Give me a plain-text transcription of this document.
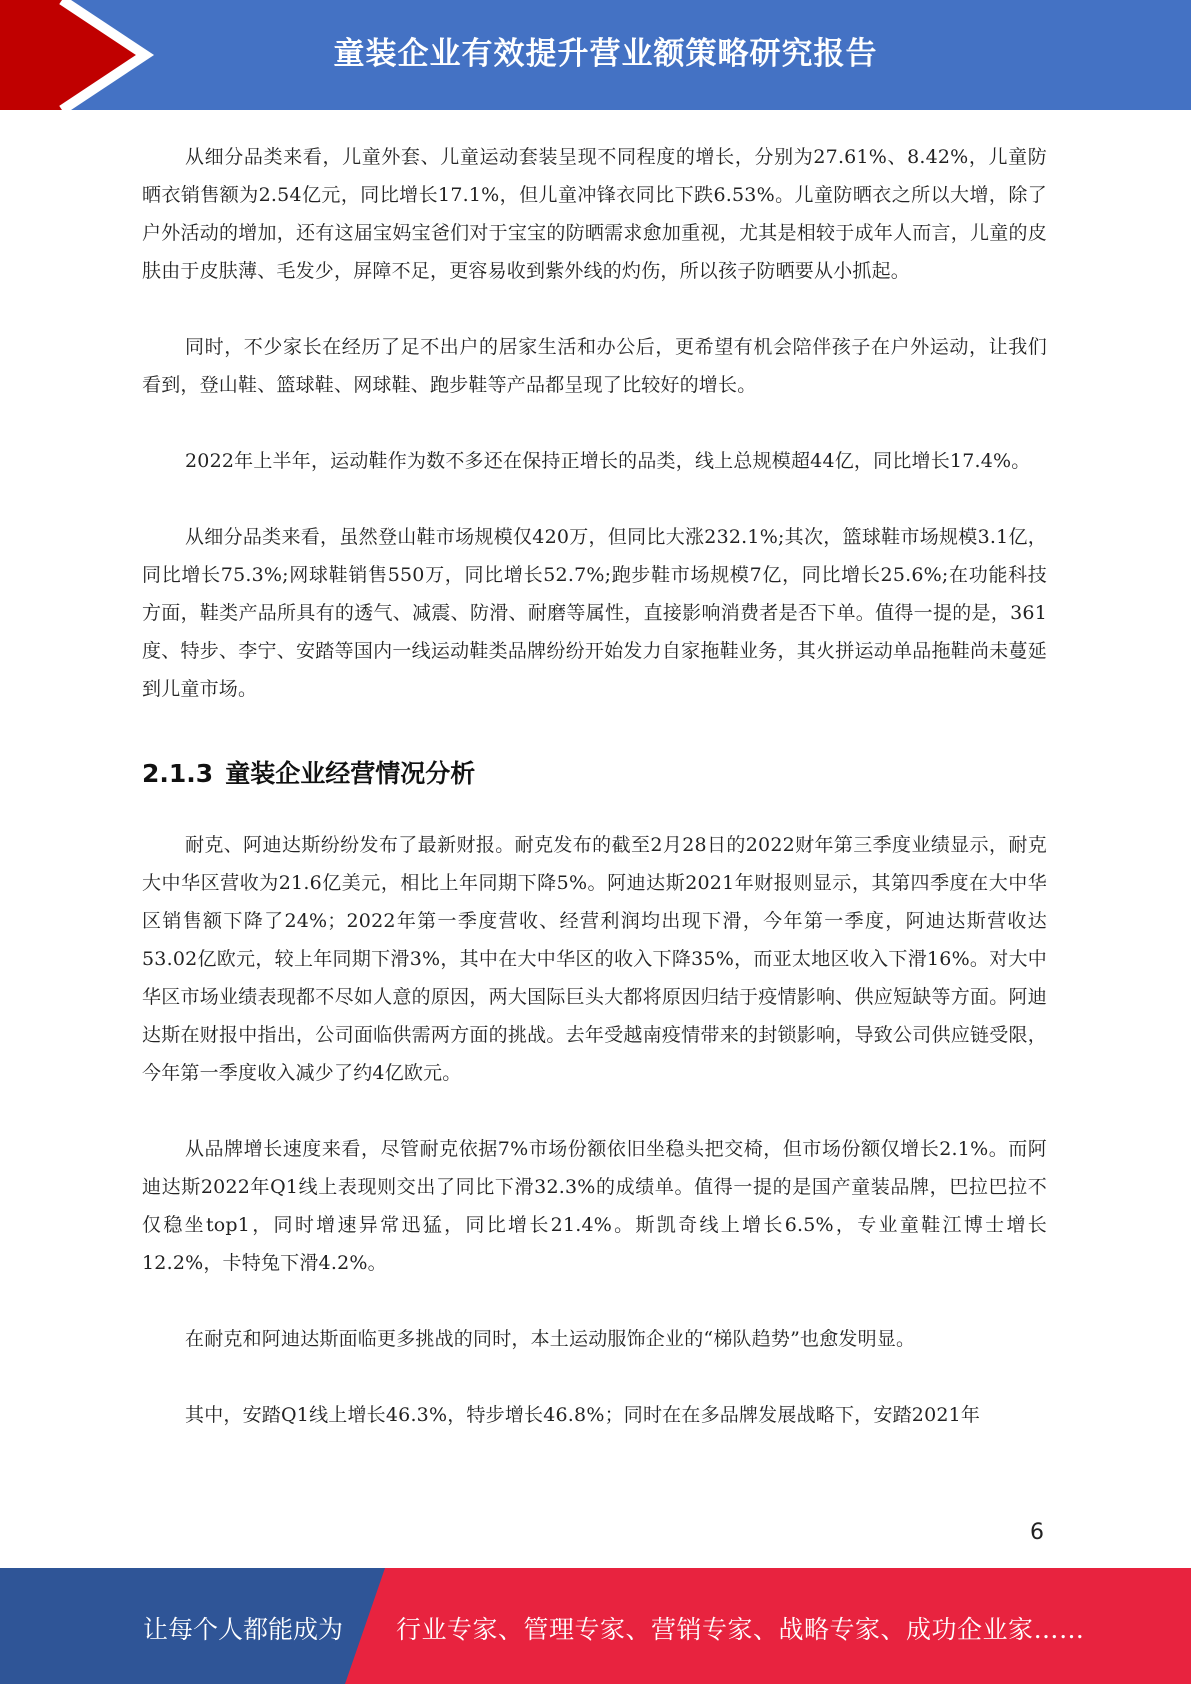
童装企业有效提升营业额策略研究报告

从细分品类来看，儿童外套、儿童运动套装呈现不同程度的增长，分别为27.61%、8.42%，儿童防晒衣销售额为2.54亿元，同比增长17.1%，但儿童冲锋衣同比下跌6.53%。儿童防晒衣之所以大增，除了户外活动的增加，还有这届宝妈宝爸们对于宝宝的防晒需求愈加重视，尤其是相较于成年人而言，儿童的皮肤由于皮肤薄、毛发少，屏障不足，更容易收到紫外线的灼伤，所以孩子防晒要从小抓起。

同时，不少家长在经历了足不出户的居家生活和办公后，更希望有机会陪伴孩子在户外运动，让我们看到，登山鞋、篮球鞋、网球鞋、跑步鞋等产品都呈现了比较好的增长。

2022年上半年，运动鞋作为数不多还在保持正增长的品类，线上总规模超44亿，同比增长17.4%。

从细分品类来看，虽然登山鞋市场规模仅420万，但同比大涨232.1%;其次，篮球鞋市场规模3.1亿，同比增长75.3%;网球鞋销售550万，同比增长52.7%;跑步鞋市场规模7亿，同比增长25.6%;在功能科技方面，鞋类产品所具有的透气、减震、防滑、耐磨等属性，直接影响消费者是否下单。值得一提的是，361度、特步、李宁、安踏等国内一线运动鞋类品牌纷纷开始发力自家拖鞋业务，其火拼运动单品拖鞋尚未蔓延到儿童市场。

2.1.3 童装企业经营情况分析

耐克、阿迪达斯纷纷发布了最新财报。耐克发布的截至2月28日的2022财年第三季度业绩显示，耐克大中华区营收为21.6亿美元，相比上年同期下降5%。阿迪达斯2021年财报则显示，其第四季度在大中华区销售额下降了24%；2022年第一季度营收、经营利润均出现下滑，今年第一季度，阿迪达斯营收达53.02亿欧元，较上年同期下滑3%，其中在大中华区的收入下降35%，而亚太地区收入下滑16%。对大中华区市场业绩表现都不尽如人意的原因，两大国际巨头大都将原因归结于疫情影响、供应短缺等方面。阿迪达斯在财报中指出，公司面临供需两方面的挑战。去年受越南疫情带来的封锁影响，导致公司供应链受限，今年第一季度收入减少了约4亿欧元。

从品牌增长速度来看，尽管耐克依据7%市场份额依旧坐稳头把交椅，但市场份额仅增长2.1%。而阿迪达斯2022年Q1线上表现则交出了同比下滑32.3%的成绩单。值得一提的是国产童装品牌，巴拉巴拉不仅稳坐top1，同时增速异常迅猛，同比增长21.4%。斯凯奇线上增长6.5%，专业童鞋江博士增长12.2%，卡特兔下滑4.2%。

在耐克和阿迪达斯面临更多挑战的同时，本土运动服饰企业的“梯队趋势”也愈发明显。

其中，安踏Q1线上增长46.3%，特步增长46.8%；同时在在多品牌发展战略下，安踏2021年

6
让每个人都能成为 行业专家、管理专家、营销专家、战略专家、成功企业家……
